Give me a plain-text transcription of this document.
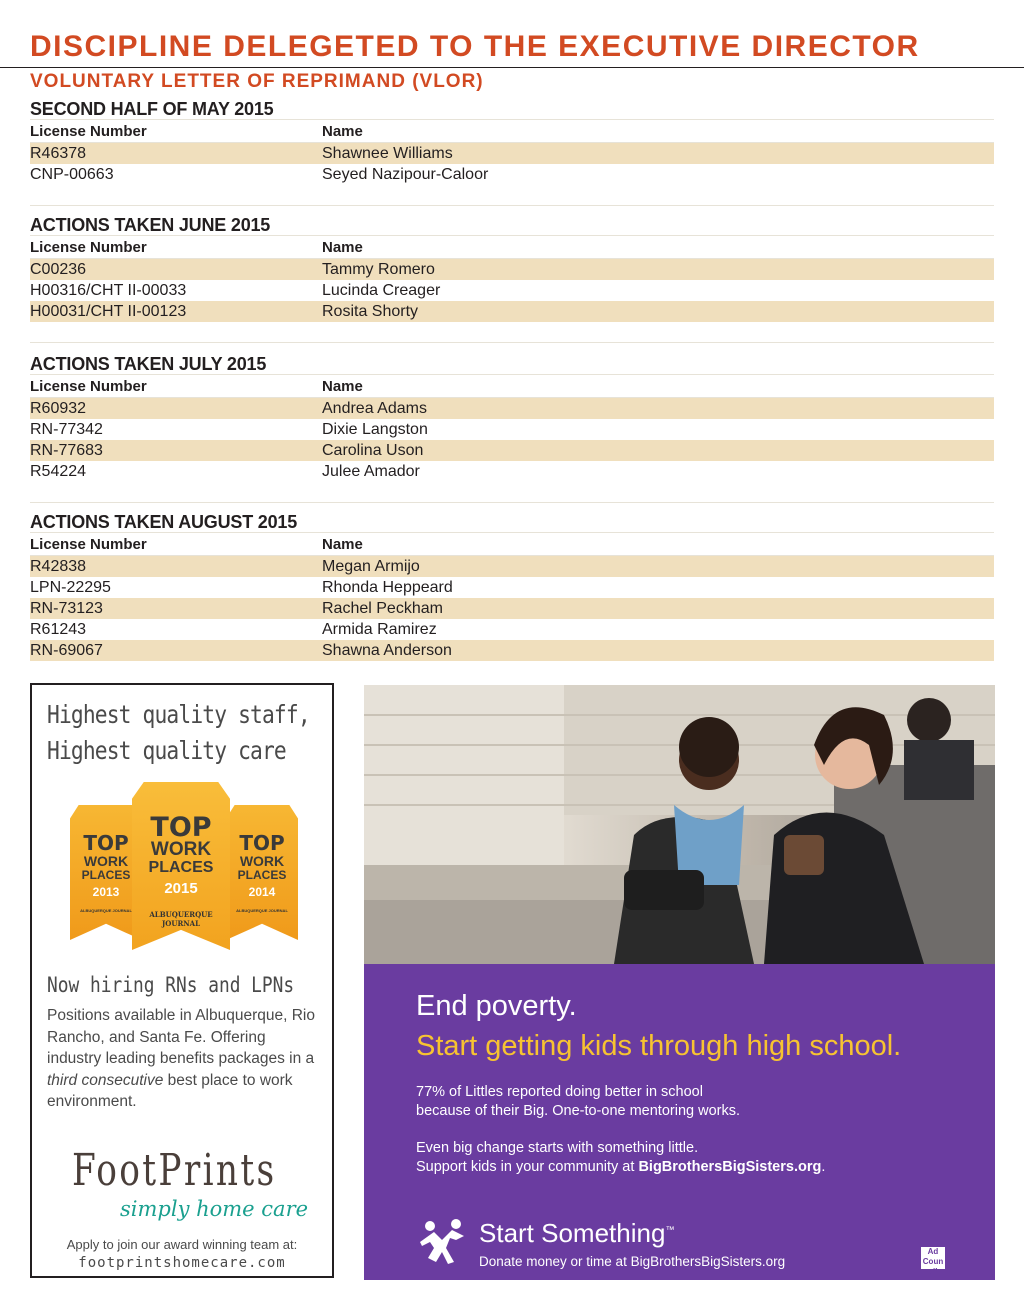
DISCIPLINE DELEGETED TO THE EXECUTIVE DIRECTOR
VOLUNTARY LETTER OF REPRIMAND (VLOR)
SECOND HALF OF MAY 2015
License Number	Name
R46378	Shawnee Williams
CNP-00663	Seyed Nazipour-Caloor
ACTIONS TAKEN JUNE 2015
License Number	Name
C00236	Tammy Romero
H00316/CHT II-00033	Lucinda Creager
H00031/CHT II-00123	Rosita Shorty
ACTIONS TAKEN JULY 2015
License Number	Name
R60932	Andrea Adams
RN-77342	Dixie Langston
RN-77683	Carolina Uson
R54224	Julee Amador
ACTIONS TAKEN AUGUST 2015
License Number	Name
R42838	Megan Armijo
LPN-22295	Rhonda Heppeard
RN-73123	Rachel Peckham
R61243	Armida Ramirez
RN-69067	Shawna Anderson
Highest quality staff,
Highest quality care
TOP
WORK
PLACES
2013
ALBUQUERQUE JOURNAL
TOP
WORK
PLACES
2014
ALBUQUERQUE JOURNAL
TOP
WORK
PLACES
2015
ALBUQUERQUE JOURNAL
Now hiring RNs and LPNs
Positions available in Albuquerque, Rio Rancho, and Santa Fe. Offering industry leading benefits packages in a third consecutive best place to work environment.
FootPrints
simply home care
Apply to join our award winning team at:
footprintshomecare.com
End poverty.
Start getting kids through high school.
77% of Littles reported doing better in school
because of their Big. One-to-one mentoring works.
Even big change starts with something little.
Support kids in your community at BigBrothersBigSisters.org.
Start Something™
Donate money or time at BigBrothersBigSisters.org
Ad Council
